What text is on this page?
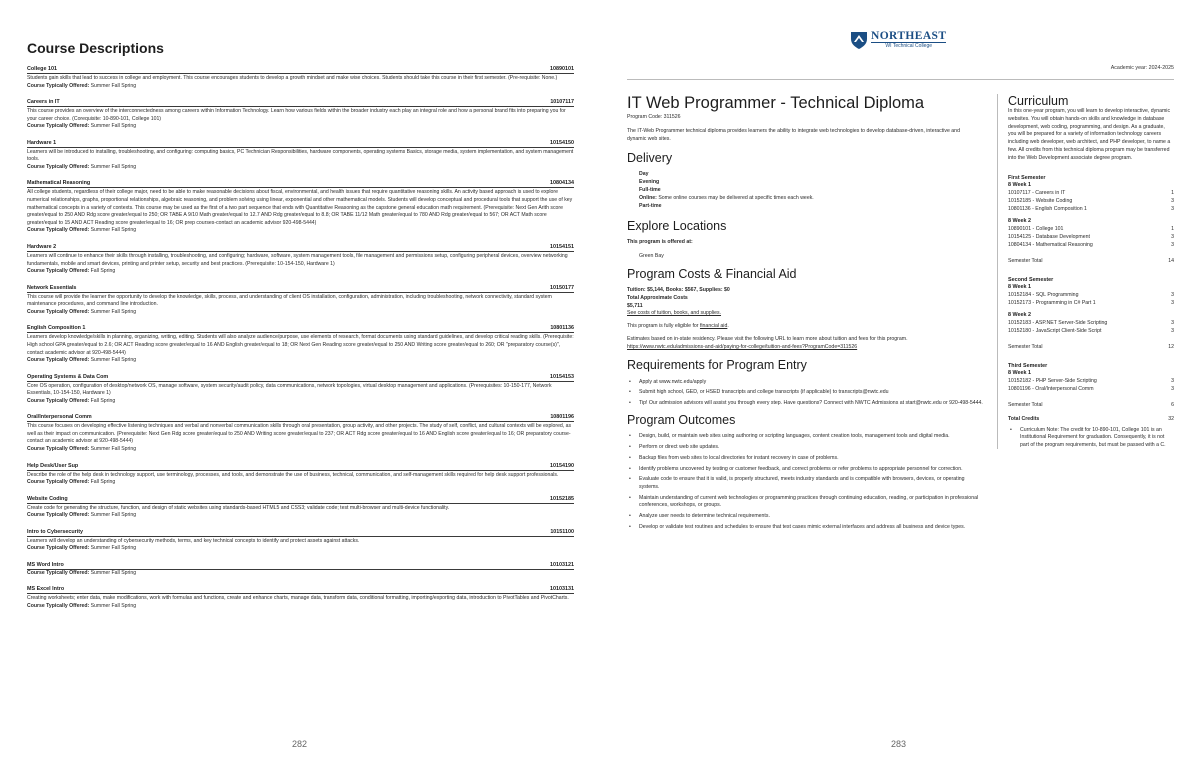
Course Descriptions
College 101	10890101
Students gain skills that lead to success in college and employment. This course encourages students to develop a growth mindset and make wise choices. Students should take this course in their first semester. (Pre-requisite: None.)
Course Typically Offered: Summer Fall Spring
Careers in IT	10107117
This course provides an overview of the interconnectedness among careers within Information Technology. Learn how various fields within the broader industry each play an integral role and how a personal brand fits into preparing you for your career choice. (Corequisite: 10-890-101, College 101)
Course Typically Offered: Summer Fall Spring
Hardware 1	10154150
Learners will be introduced to installing, troubleshooting, and configuring: computing basics, PC Technician Responsibilities, hardware components, operating systems Basics, storage media, system implementation, and system management tools.
Course Typically Offered: Summer Fall Spring
Mathematical Reasoning	10804134
All college students, regardless of their college major, need to be able to make reasonable decisions about fiscal, environmental, and health issues that require quantitative reasoning skills. An activity based approach is used to explore numerical relationships, graphs, proportional relationships, algebraic reasoning, and problem solving using linear, exponential and other mathematical models. Students will develop conceptual and procedural tools that support the use of key mathematical concepts in a variety of contexts. This course may be used as the first of a two part sequence that ends with Quantitative Reasoning as the capstone general education math requirement. (Prerequisite: Next Gen Arith score greater/equal to 250 AND Rdg score greater/equal to 250; OR TABE A 9/10 Math greater/equal to 12.7 AND Rdg greater/equal to 8.8; OR TABE 11/12 Math greater/equal to 780 AND Rdg greater/equal to 567; OR ACT Math score greater/equal to 15 AND ACT Reading score greater/equal to 16; OR prep courses-contact an academic advisor 920-498-5444)
Course Typically Offered: Summer Fall Spring
Hardware 2	10154151
Learners will continue to enhance their skills through installing, troubleshooting, and configuring; hardware, software, system management tools, file management and permissions setup, configuring peripheral devices, overview networking fundamentals, mobile and smart devices, printing and printer setup, security and best practices. (Prerequisite: 10-154-150, Hardware 1)
Course Typically Offered: Fall Spring
Network Essentials	10150177
This course will provide the learner the opportunity to develop the knowledge, skills, process, and understanding of client OS installation, configuration, administration, including troubleshooting, network connectivity, standard system maintenance procedures, and command line introduction.
Course Typically Offered: Summer Fall Spring
English Composition 1	10801136
Learners develop knowledge/skills in planning, organizing, writing, editing. Students will also analyze audience/purpose, use elements of research, format documents using standard guidelines, and develop critical reading skills. (Prerequisite: High school GPA greater/equal to 2.6; OR ACT Reading score greater/equal to 16 AND English greater/equal to 18; OR Next Gen Reading score greater/equal to 250 AND Writing score greater/equal to 260; OR "preparatory course(s)", contact academic advisor at 920-498-5444)
Course Typically Offered: Summer Fall Spring
Operating Systems & Data Com	10154153
Core OS operation, configuration of desktop/network OS, manage software, system security/audit policy, data communications, network topologies, virtual desktop management and applications. (Prerequisites: 10-150-177, Network Essentials, 10-154-150, Hardware 1)
Course Typically Offered: Fall Spring
Oral/Interpersonal Comm	10801196
This course focuses on developing effective listening techniques and verbal and nonverbal communication skills through oral presentation, group activity, and other projects. The study of self, conflict, and cultural contexts will be explored, as well as their impact on communication. (Prerequisite: Next Gen Rdg score greater/equal to 250 AND Writing score greater/equal to 237; OR ACT Rdg score greater/equal to 16 AND English score greater/equal to 16; OR preparatory course-contact an academic advisor at 920-498-5444)
Course Typically Offered: Summer Fall Spring
Help Desk/User Sup	10154190
Describe the role of the help desk in technology support, use terminology, processes, and tools, and demonstrate the use of business, technical, communication, and self-management skills required for help desk support professionals.
Course Typically Offered: Fall Spring
Website Coding	10152185
Create code for generating the structure, function, and design of static websites using standards-based HTML5 and CSS3; validate code; test multi-browser and multi-device functionality.
Course Typically Offered: Summer Fall Spring
Intro to Cybersecurity	10151100
Learners will develop an understanding of cybersecurity methods, terms, and key technical concepts to identify and protect assets against attacks.
Course Typically Offered: Summer Fall Spring
MS Word Intro	10103121
Course Typically Offered: Summer Fall Spring
MS Excel Intro	10103131
Creating worksheets; enter data, make modifications, work with formulas and functions, create and enhance charts, manage data, transform data, conditional formatting, importing/exporting data, introduction to PivotTables and PivotCharts.
Course Typically Offered: Summer Fall Spring
282
NORTHEAST
WI Technical College
Academic year: 2024-2025
IT Web Programmer - Technical Diploma
Program Code: 311526
The IT-Web Programmer technical diploma provides learners the ability to integrate web technologies to develop database-driven, interactive and dynamic web sites.
Delivery
Day
Evening
Full-time
Online: Some online courses may be delivered at specific times each week.
Part-time
Explore Locations
This program is offered at:
Green Bay
Program Costs & Financial Aid
Tuition: $5,144, Books: $567, Supplies: $0
Total Approximate Costs
$5,711
See costs of tuition, books, and supplies.
This program is fully eligible for financial aid.
Estimates based on in-state residency. Please visit the following URL to learn more about tuition and fees for this program.
https://www.nwtc.edu/admissions-and-aid/paying-for-college/tuition-and-fees?ProgramCode=311526
Requirements for Program Entry
• Apply at www.nwtc.edu/apply
• Submit high school, GED, or HSED transcripts and college transcripts (if applicable) to transcripts@nwtc.edu
• Tip! Our admission advisors will assist you through every step. Have questions? Connect with NWTC Admissions at start@nwtc.edu or 920-498-5444.
Program Outcomes
• Design, build, or maintain web sites using authoring or scripting languages, content creation tools, management tools and digital media.
• Perform or direct web site updates.
• Backup files from web sites to local directories for instant recovery in case of problems.
• Identify problems uncovered by testing or customer feedback, and correct problems or refer problems to appropriate personnel for correction.
• Evaluate code to ensure that it is valid, is properly structured, meets industry standards and is compatible with browsers, devices, or operating systems.
• Maintain understanding of current web technologies or programming practices through continuing education, reading, or participation in professional conferences, workshops, or groups.
• Analyze user needs to determine technical requirements.
• Develop or validate test routines and schedules to ensure that test cases mimic external interfaces and address all business and device types.
Curriculum
In this one-year program, you will learn to develop interactive, dynamic websites. You will obtain hands-on skills and knowledge in database development, web coding, programming, and design. As a graduate, you will be prepared for a variety of information technology careers including web developer, web architect, and PHP developer, to name a few. All credits from this technical diploma program may be transferred into the Web Development associate degree program.
First Semester
8 Week 1
10107117 - Careers in IT	1
10152185 - Website Coding	3
10801136 - English Composition 1	3
8 Week 2
10890101 - College 101	1
10154125 - Database Development	3
10804134 - Mathematical Reasoning	3
Semester Total	14
Second Semester
8 Week 1
10152184 - SQL Programming	3
10152173 - Programming in C# Part 1	3
8 Week 2
10152183 - ASP.NET Server-Side Scripting	3
10152180 - JavaScript Client-Side Script	3
Semester Total	12
Third Semester
8 Week 1
10152182 - PHP Server-Side Scripting	3
10801196 - Oral/Interpersonal Comm	3
Semester Total	6
Total Credits	32
• Curriculum Note: The credit for 10-890-101, College 101 is an Institutional Requirement for graduation. Consequently, it is not part of the program requirements, but must be passed with a C.
283
